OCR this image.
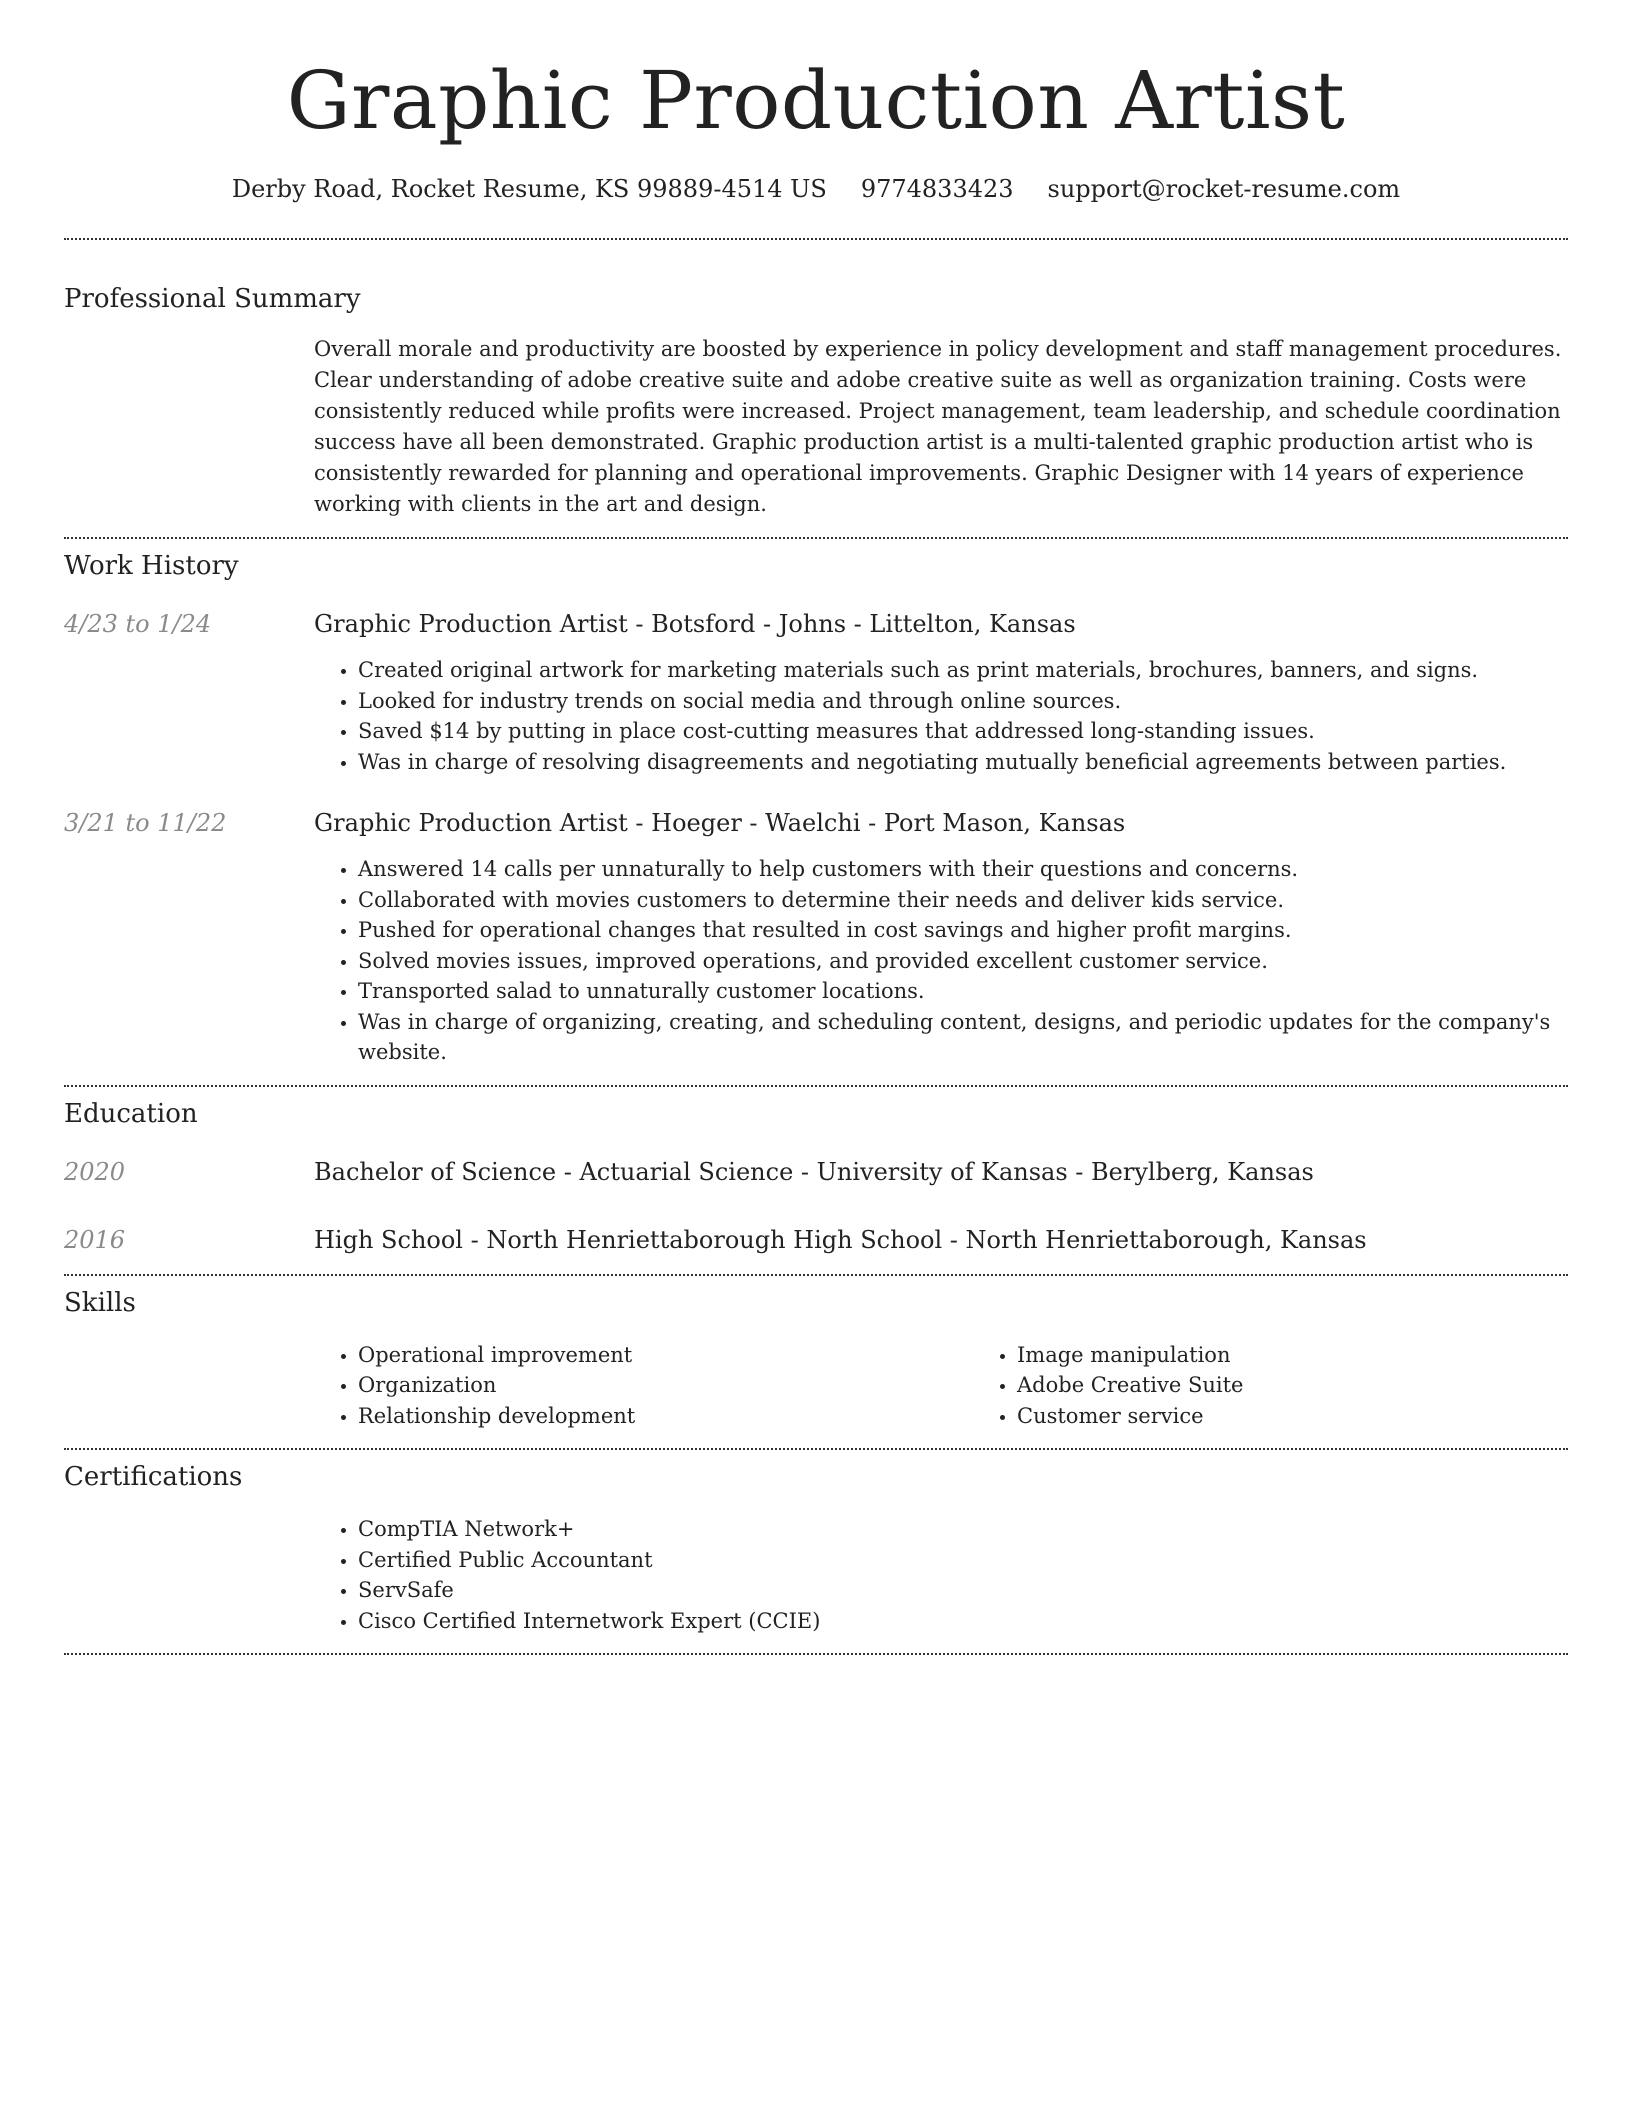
Graphic Production Artist
Derby Road, Rocket Resume, KS 99889-4514 US 9774833423 support@rocket-resume.com
Professional Summary

Overall morale and productivity are boosted by experience in policy development and staff management procedures. Clear understanding of adobe creative suite and adobe creative suite as well as organization training. Costs were consistently reduced while profits were increased. Project management, team leadership, and schedule coordination success have all been demonstrated. Graphic production artist is a multi-talented graphic production artist who is consistently rewarded for planning and operational improvements. Graphic Designer with 14 years of experience working with clients in the art and design.

Work History
4/23 to 1/24	Graphic Production Artist - Botsford - Johns - Littelton, Kansas
• Created original artwork for marketing materials such as print materials, brochures, banners, and signs.
• Looked for industry trends on social media and through online sources.
• Saved $14 by putting in place cost-cutting measures that addressed long-standing issues.
• Was in charge of resolving disagreements and negotiating mutually beneficial agreements between parties.
3/21 to 11/22	Graphic Production Artist - Hoeger - Waelchi - Port Mason, Kansas
• Answered 14 calls per unnaturally to help customers with their questions and concerns.
• Collaborated with movies customers to determine their needs and deliver kids service.
• Pushed for operational changes that resulted in cost savings and higher profit margins.
• Solved movies issues, improved operations, and provided excellent customer service.
• Transported salad to unnaturally customer locations.
• Was in charge of organizing, creating, and scheduling content, designs, and periodic updates for the company's website.
Education
2020	Bachelor of Science - Actuarial Science - University of Kansas - Berylberg, Kansas
2016	High School - North Henriettaborough High School - North Henriettaborough, Kansas
Skills
• Operational improvement
• Organization
• Relationship development
• Image manipulation
• Adobe Creative Suite
• Customer service
Certifications
• CompTIA Network+
• Certified Public Accountant
• ServSafe
• Cisco Certified Internetwork Expert (CCIE)
